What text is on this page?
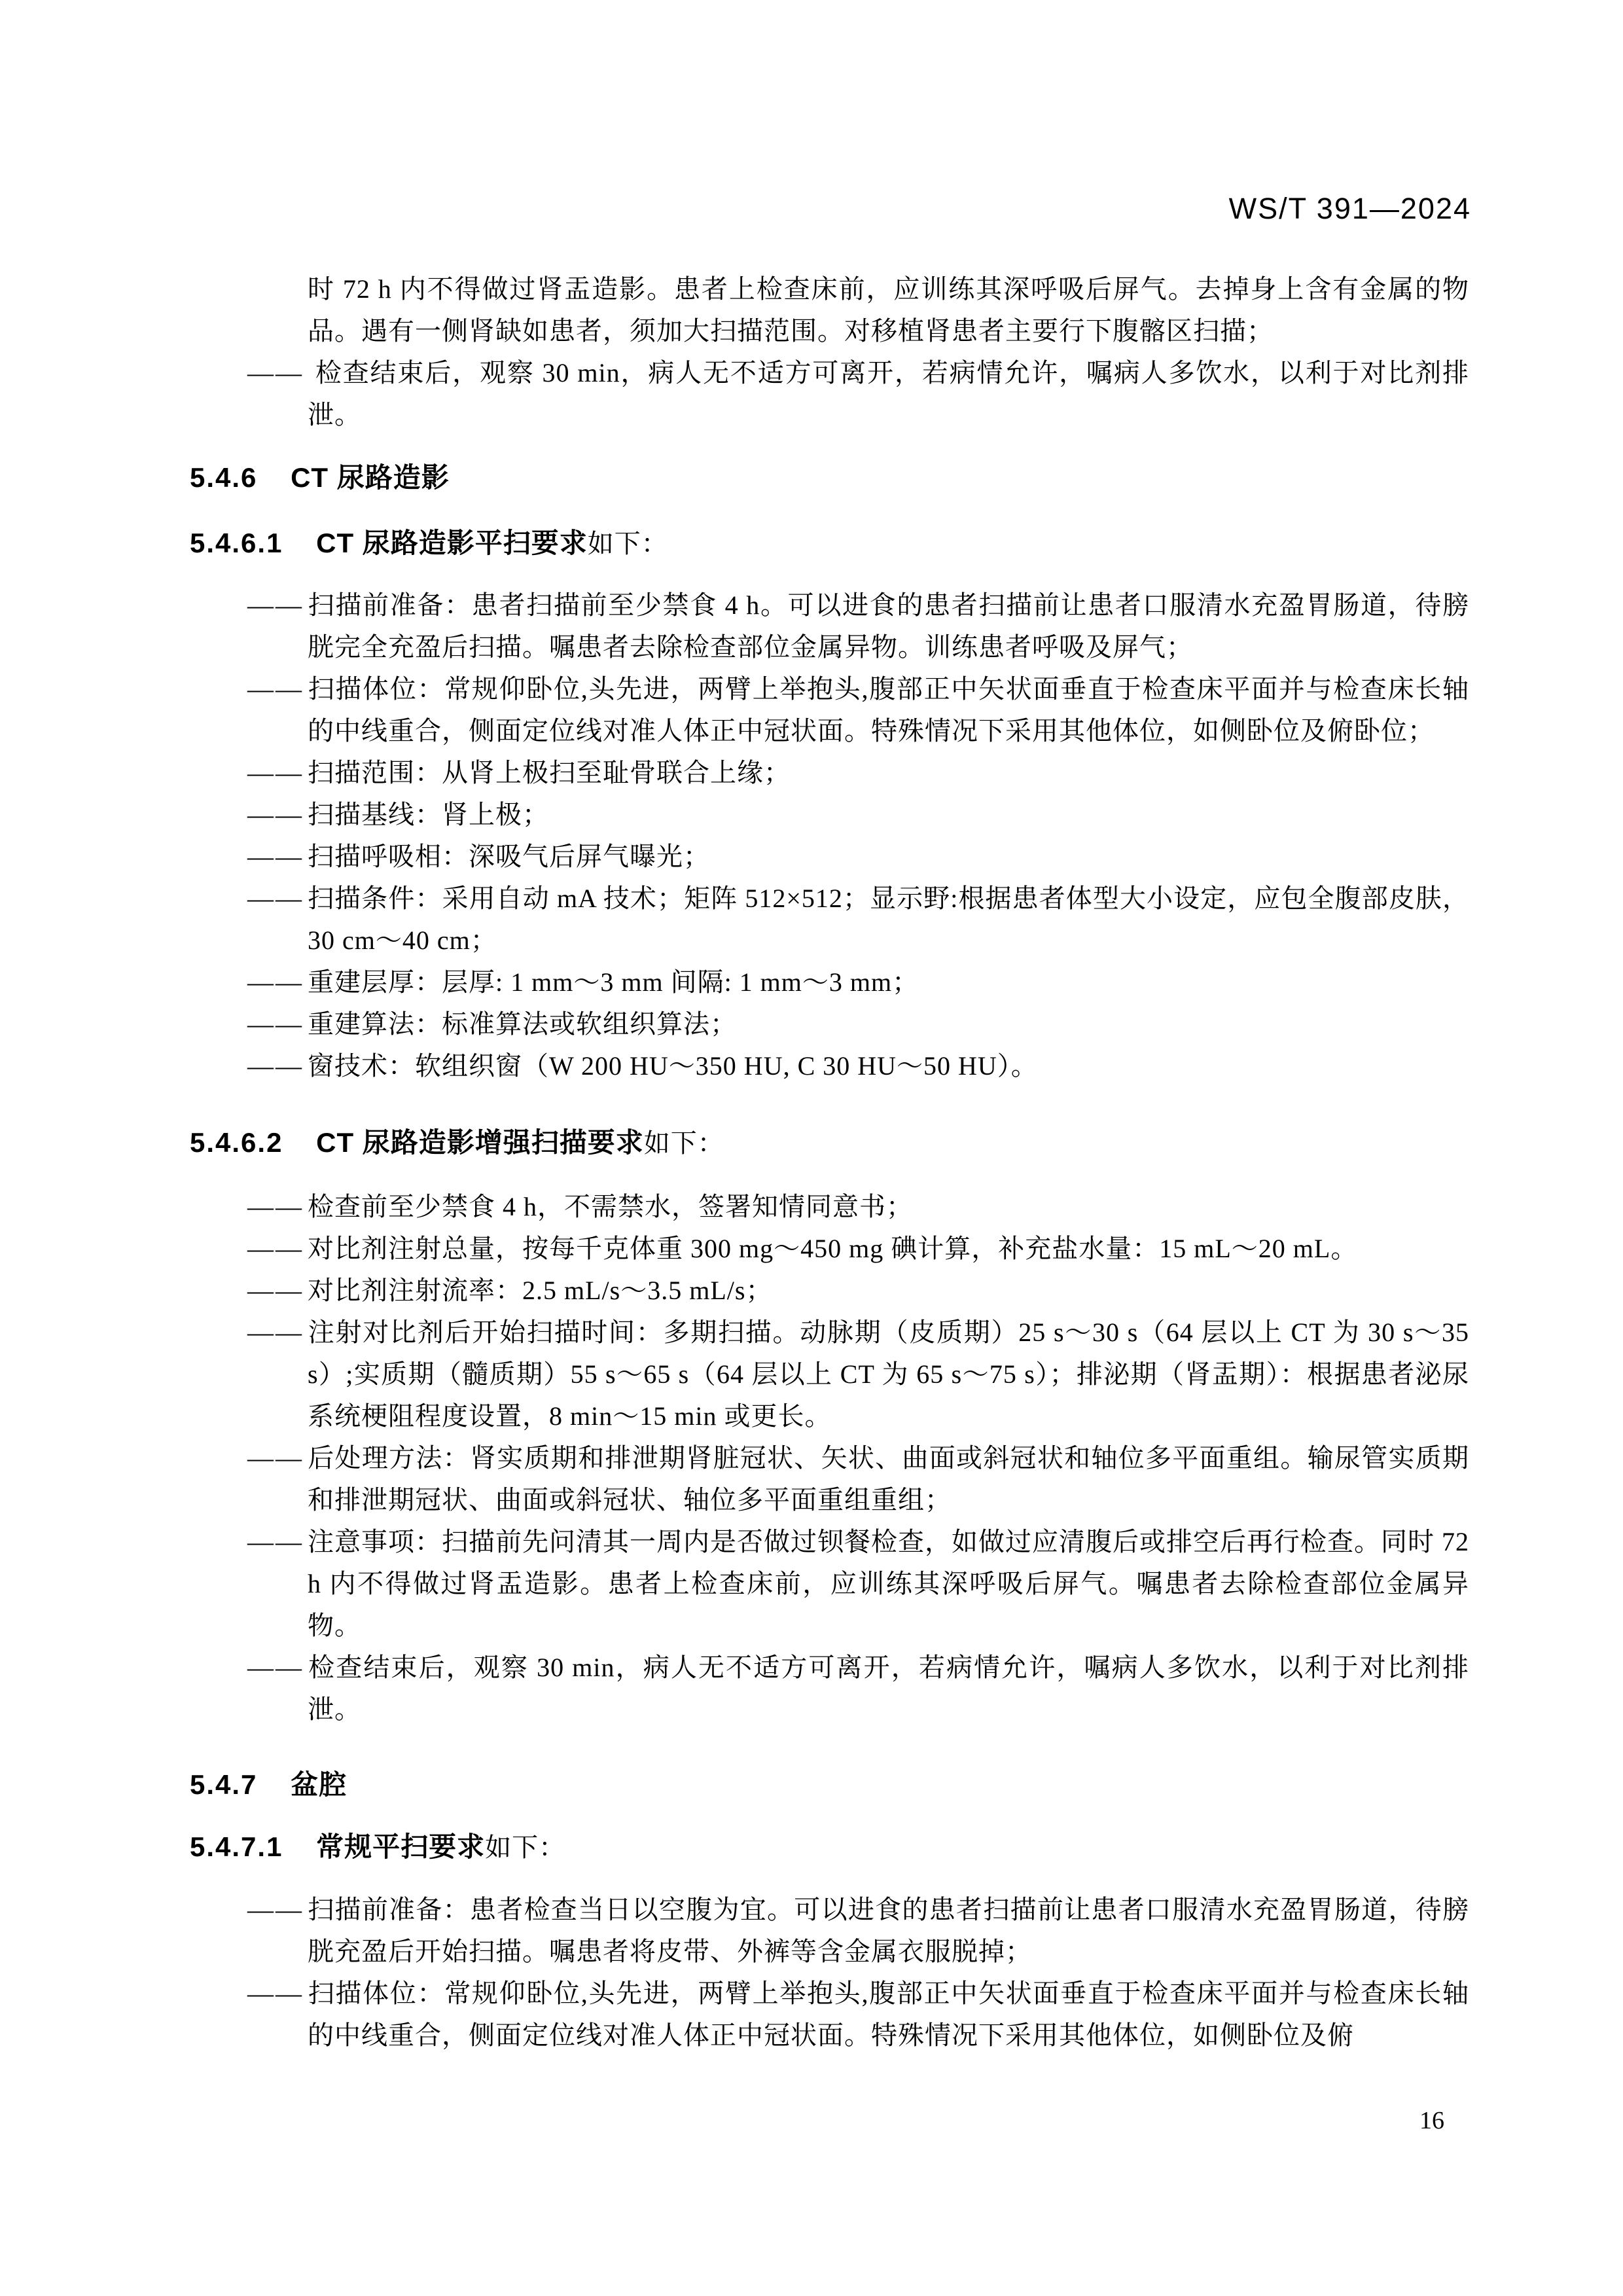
WS/T 391—2024
时 72 h 内不得做过肾盂造影。患者上检查床前，应训练其深呼吸后屏气。去掉身上含有金属的物品。遇有一侧肾缺如患者，须加大扫描范围。对移植肾患者主要行下腹髂区扫描；
—— 检查结束后，观察 30 min，病人无不适方可离开，若病情允许，嘱病人多饮水，以利于对比剂排泄。
5.4.6 CT 尿路造影
5.4.6.1 CT 尿路造影平扫要求如下：
—— 扫描前准备：患者扫描前至少禁食 4 h。可以进食的患者扫描前让患者口服清水充盈胃肠道，待膀胱完全充盈后扫描。嘱患者去除检查部位金属异物。训练患者呼吸及屏气；
—— 扫描体位：常规仰卧位,头先进，两臂上举抱头,腹部正中矢状面垂直于检查床平面并与检查床长轴的中线重合，侧面定位线对准人体正中冠状面。特殊情况下采用其他体位，如侧卧位及俯卧位；
—— 扫描范围：从肾上极扫至耻骨联合上缘；
—— 扫描基线：肾上极；
—— 扫描呼吸相：深吸气后屏气曝光；
—— 扫描条件：采用自动 mA 技术；矩阵 512×512；显示野:根据患者体型大小设定，应包全腹部皮肤，30 cm～40 cm；
—— 重建层厚：层厚: 1 mm～3 mm 间隔: 1 mm～3 mm；
—— 重建算法：标准算法或软组织算法；
—— 窗技术：软组织窗（W 200 HU～350 HU, C 30 HU～50 HU）。
5.4.6.2 CT 尿路造影增强扫描要求如下：
—— 检查前至少禁食 4 h，不需禁水，签署知情同意书；
—— 对比剂注射总量，按每千克体重 300 mg～450 mg 碘计算，补充盐水量：15 mL～20 mL。
—— 对比剂注射流率：2.5 mL/s～3.5 mL/s；
—— 注射对比剂后开始扫描时间：多期扫描。动脉期（皮质期）25 s～30 s（64 层以上 CT 为 30 s～35 s）;实质期（髓质期）55 s～65 s（64 层以上 CT 为 65 s～75 s）；排泌期（肾盂期）：根据患者泌尿系统梗阻程度设置，8 min～15 min 或更长。
—— 后处理方法：肾实质期和排泄期肾脏冠状、矢状、曲面或斜冠状和轴位多平面重组。输尿管实质期和排泄期冠状、曲面或斜冠状、轴位多平面重组重组；
—— 注意事项：扫描前先问清其一周内是否做过钡餐检查，如做过应清腹后或排空后再行检查。同时 72 h 内不得做过肾盂造影。患者上检查床前，应训练其深呼吸后屏气。嘱患者去除检查部位金属异物。
—— 检查结束后，观察 30 min，病人无不适方可离开，若病情允许，嘱病人多饮水，以利于对比剂排泄。
5.4.7 盆腔
5.4.7.1 常规平扫要求如下：
—— 扫描前准备：患者检查当日以空腹为宜。可以进食的患者扫描前让患者口服清水充盈胃肠道，待膀胱充盈后开始扫描。嘱患者将皮带、外裤等含金属衣服脱掉；
—— 扫描体位：常规仰卧位,头先进，两臂上举抱头,腹部正中矢状面垂直于检查床平面并与检查床长轴的中线重合，侧面定位线对准人体正中冠状面。特殊情况下采用其他体位，如侧卧位及俯
16
